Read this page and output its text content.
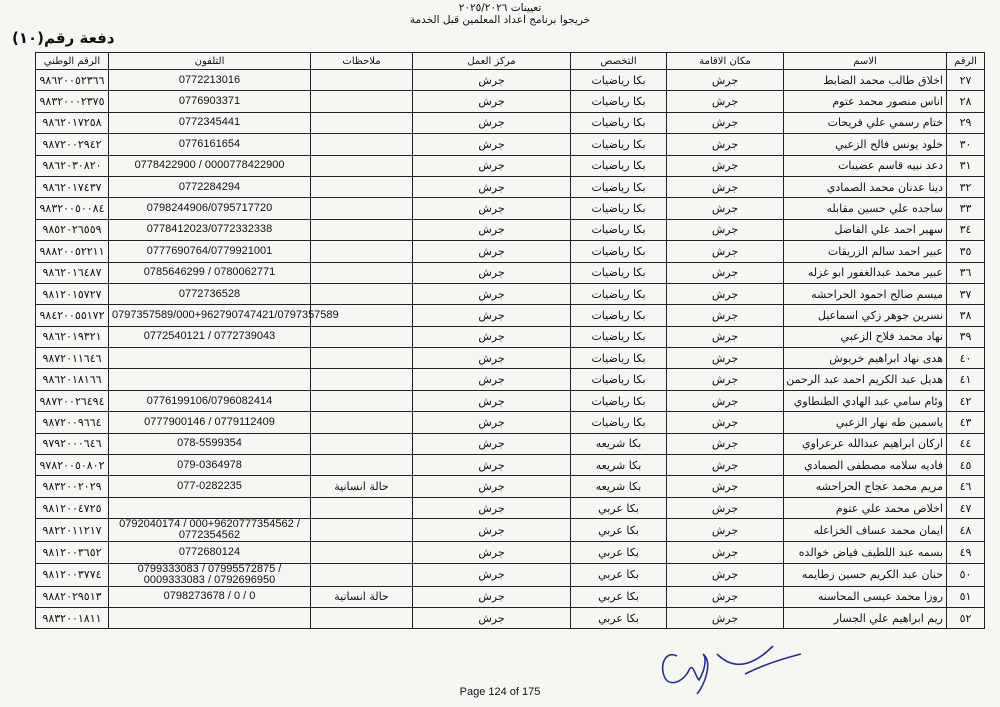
تعيينات ٢٠٢٥/٢٠٢٦
خريجوا برنامج اعداد المعلمين قبل الخدمة
دفعة رقم(١٠)
الرقم	الاسم	مكان الاقامة	التخصص	مركز العمل	ملاحظات	التلفون	الرقم الوطني
٢٧	اخلاق طالب محمد الضابط	جرش	بكا رياضيات	جرش		0772213016	٩٨٦٢٠٠٥٢٣٦٦
٢٨	اناس منصور محمد عتوم	جرش	بكا رياضيات	جرش		0776903371	٩٨٣٢٠٠٠٢٣٧٥
٢٩	ختام رسمي علي فريحات	جرش	بكا رياضيات	جرش		0772345441	٩٨٦٢٠١٧٢٥٨
٣٠	خلود يونس فالح الزعبي	جرش	بكا رياضيات	جرش		0776161654	٩٨٧٢٠٠٢٩٤٢
٣١	دعد نبيه قاسم عضيبات	جرش	بكا رياضيات	جرش		0778422900 / 0000778422900	٩٨٦٢٠٣٠٨٢٠
٣٢	دينا عدنان محمد الصمادي	جرش	بكا رياضيات	جرش		0772284294	٩٨٦٢٠١٧٤٣٧
٣٣	ساجده علي حسين مقابله	جرش	بكا رياضيات	جرش		0798244906/0795717720	٩٨٣٢٠٠٥٠٠٨٤
٣٤	سهير احمد علي الفاضل	جرش	بكا رياضيات	جرش		0778412023/0772332338	٩٨٥٢٠٢٦٥٥٩
٣٥	عبير احمد سالم الزريقات	جرش	بكا رياضيات	جرش		0777690764/0779921001	٩٨٨٢٠٠٥٢٢١١
٣٦	عبير محمد عبدالغفور ابو غزله	جرش	بكا رياضيات	جرش		0785646299 / 0780062771	٩٨٦٢٠١٦٤٨٧
٣٧	ميسم صالح احمود الحراحشه	جرش	بكا رياضيات	جرش		0772736528	٩٨١٢٠١٥٧٢٧
٣٨	نسرين جوهر زكي اسماعيل	جرش	بكا رياضيات	جرش		0797357589/000+962790747421/0797357589	٩٨٤٢٠٠٥٥١٧٢
٣٩	نهاد محمد فلاح الزعبي	جرش	بكا رياضيات	جرش		0772540121 / 0772739043	٩٨٦٢٠١٩٣٢١
٤٠	هدى نهاد ابراهيم خريوش	جرش	بكا رياضيات	جرش			٩٨٧٢٠١١٦٤٦
٤١	هديل عبد الكريم احمد عبد الرحمن	جرش	بكا رياضيات	جرش			٩٨٦٢٠١٨١٦٦
٤٢	وئام سامي عبد الهادي الطنطاوي	جرش	بكا رياضيات	جرش		0776199106/0796082414	٩٨٧٢٠٠٢٦٤٩٤
٤٣	ياسمين طه نهار الزعبي	جرش	بكا رياضيات	جرش		0777900146 / 0779112409	٩٨٧٢٠٠٩٦٦٤
٤٤	اركان ابراهيم عبدالله عرعراوي	جرش	بكا شريعه	جرش		078-5599354	٩٧٩٢٠٠٠٦٤٦
٤٥	فاديه سلامه مصطفى الصمادي	جرش	بكا شريعه	جرش		079-0364978	٩٧٨٢٠٠٥٠٨٠٢
٤٦	مريم محمد عجاج الحراحشه	جرش	بكا شريعه	جرش	حالة انسانية	077-0282235	٩٨٣٢٠٠٢٠٢٩
٤٧	اخلاص محمد علي عتوم	جرش	بكا عربي	جرش			٩٨١٢٠٠٤٧٢٥
٤٨	ايمان محمد عساف الخزاعله	جرش	بكا عربي	جرش		0792040174 / 000+9620777354562 / 0772354562	٩٨٢٢٠١١٢١٧
٤٩	بسمه عبد اللطيف فياض خوالده	جرش	بكا عربي	جرش		0772680124	٩٨١٢٠٠٣٦٥٢
٥٠	حنان عبد الكريم حسين زطايمه	جرش	بكا عربي	جرش		0799333083 / 07995572875 / 0009333083 / 0792696950	٩٨١٢٠٠٣٧٧٤
٥١	روزا محمد عيسى المحاسنه	جرش	بكا عربي	جرش	حالة انسانية	0798273678 / 0 / 0	٩٨٨٢٠٢٩٥١٣
٥٢	ريم ابراهيم علي الجسار	جرش	بكا عربي	جرش			٩٨٣٢٠٠١٨١١
Page 124 of 175
